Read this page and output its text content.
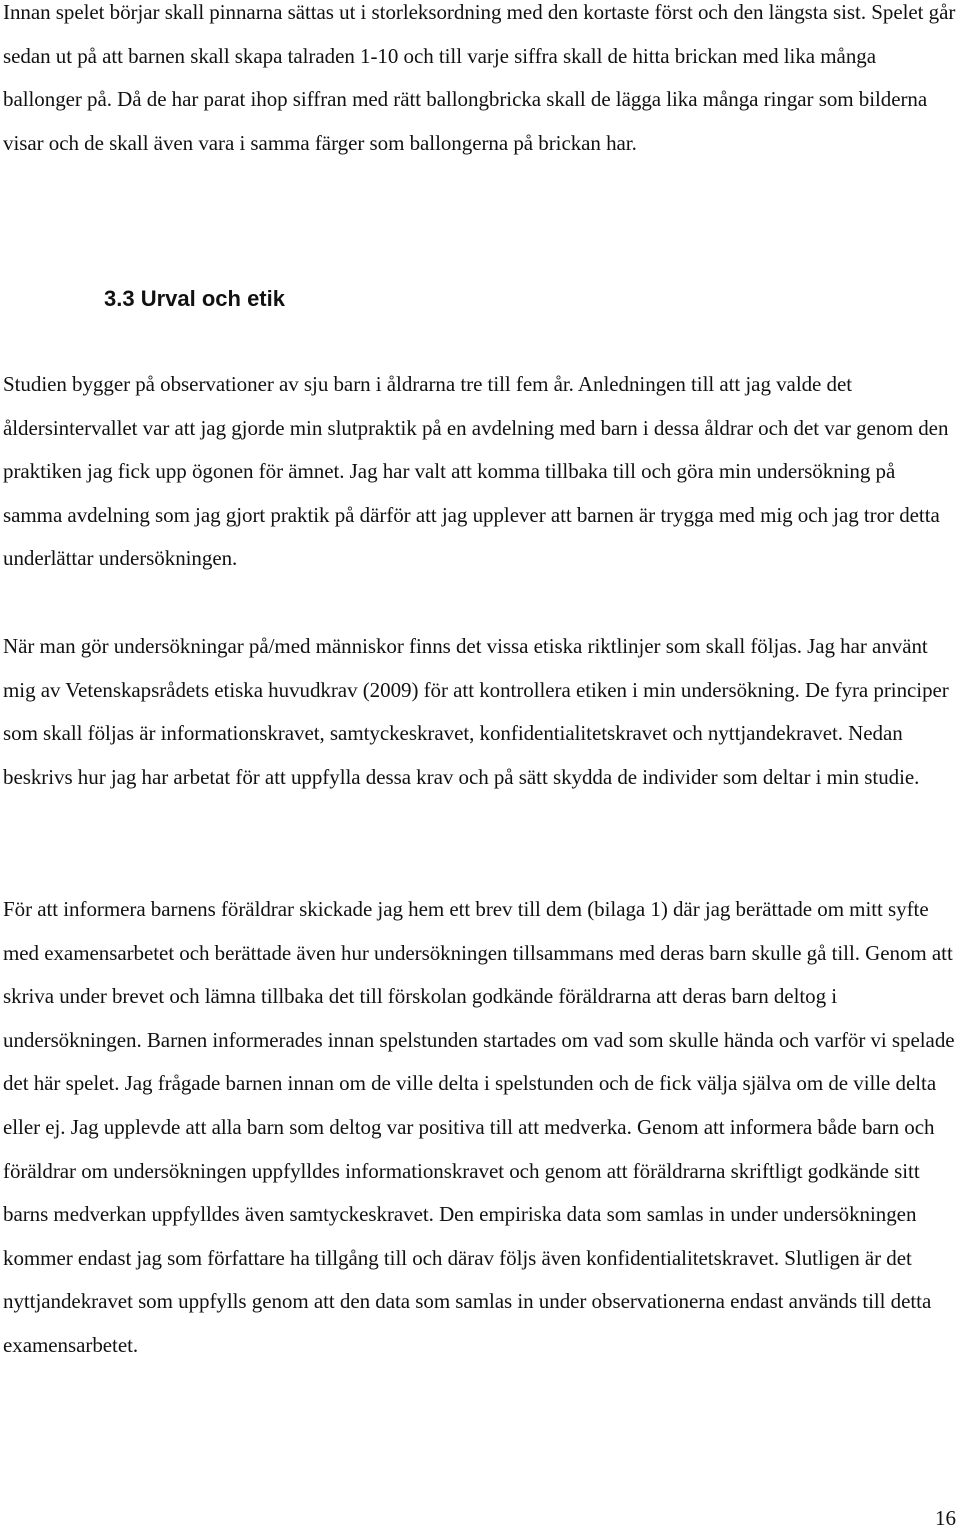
Innan spelet börjar skall pinnarna sättas ut i storleksordning med den kortaste först och den längsta sist. Spelet går sedan ut på att barnen skall skapa talraden 1-10 och till varje siffra skall de hitta brickan med lika många ballonger på. Då de har parat ihop siffran med rätt ballongbricka skall de lägga lika många ringar som bilderna visar och de skall även vara i samma färger som ballongerna på brickan har.

3.3 Urval och etik

Studien bygger på observationer av sju barn i åldrarna tre till fem år. Anledningen till att jag valde det åldersintervallet var att jag gjorde min slutpraktik på en avdelning med barn i dessa åldrar och det var genom den praktiken jag fick upp ögonen för ämnet. Jag har valt att komma tillbaka till och göra min undersökning på samma avdelning som jag gjort praktik på därför att jag upplever att barnen är trygga med mig och jag tror detta underlättar undersökningen.

När man gör undersökningar på/med människor finns det vissa etiska riktlinjer som skall följas. Jag har använt mig av Vetenskapsrådets etiska huvudkrav (2009) för att kontrollera etiken i min undersökning. De fyra principer som skall följas är informationskravet, samtyckeskravet, konfidentialitetskravet och nyttjandekravet. Nedan beskrivs hur jag har arbetat för att uppfylla dessa krav och på sätt skydda de individer som deltar i min studie.

För att informera barnens föräldrar skickade jag hem ett brev till dem (bilaga 1) där jag berättade om mitt syfte med examensarbetet och berättade även hur undersökningen tillsammans med deras barn skulle gå till. Genom att skriva under brevet och lämna tillbaka det till förskolan godkände föräldrarna att deras barn deltog i undersökningen. Barnen informerades innan spelstunden startades om vad som skulle hända och varför vi spelade det här spelet. Jag frågade barnen innan om de ville delta i spelstunden och de fick välja själva om de ville delta eller ej. Jag upplevde att alla barn som deltog var positiva till att medverka. Genom att informera både barn och föräldrar om undersökningen uppfylldes informationskravet och genom att föräldrarna skriftligt godkände sitt barns medverkan uppfylldes även samtyckeskravet. Den empiriska data som samlas in under undersökningen kommer endast jag som författare ha tillgång till och därav följs även konfidentialitetskravet. Slutligen är det nyttjandekravet som uppfylls genom att den data som samlas in under observationerna endast används till detta examensarbetet.

16
